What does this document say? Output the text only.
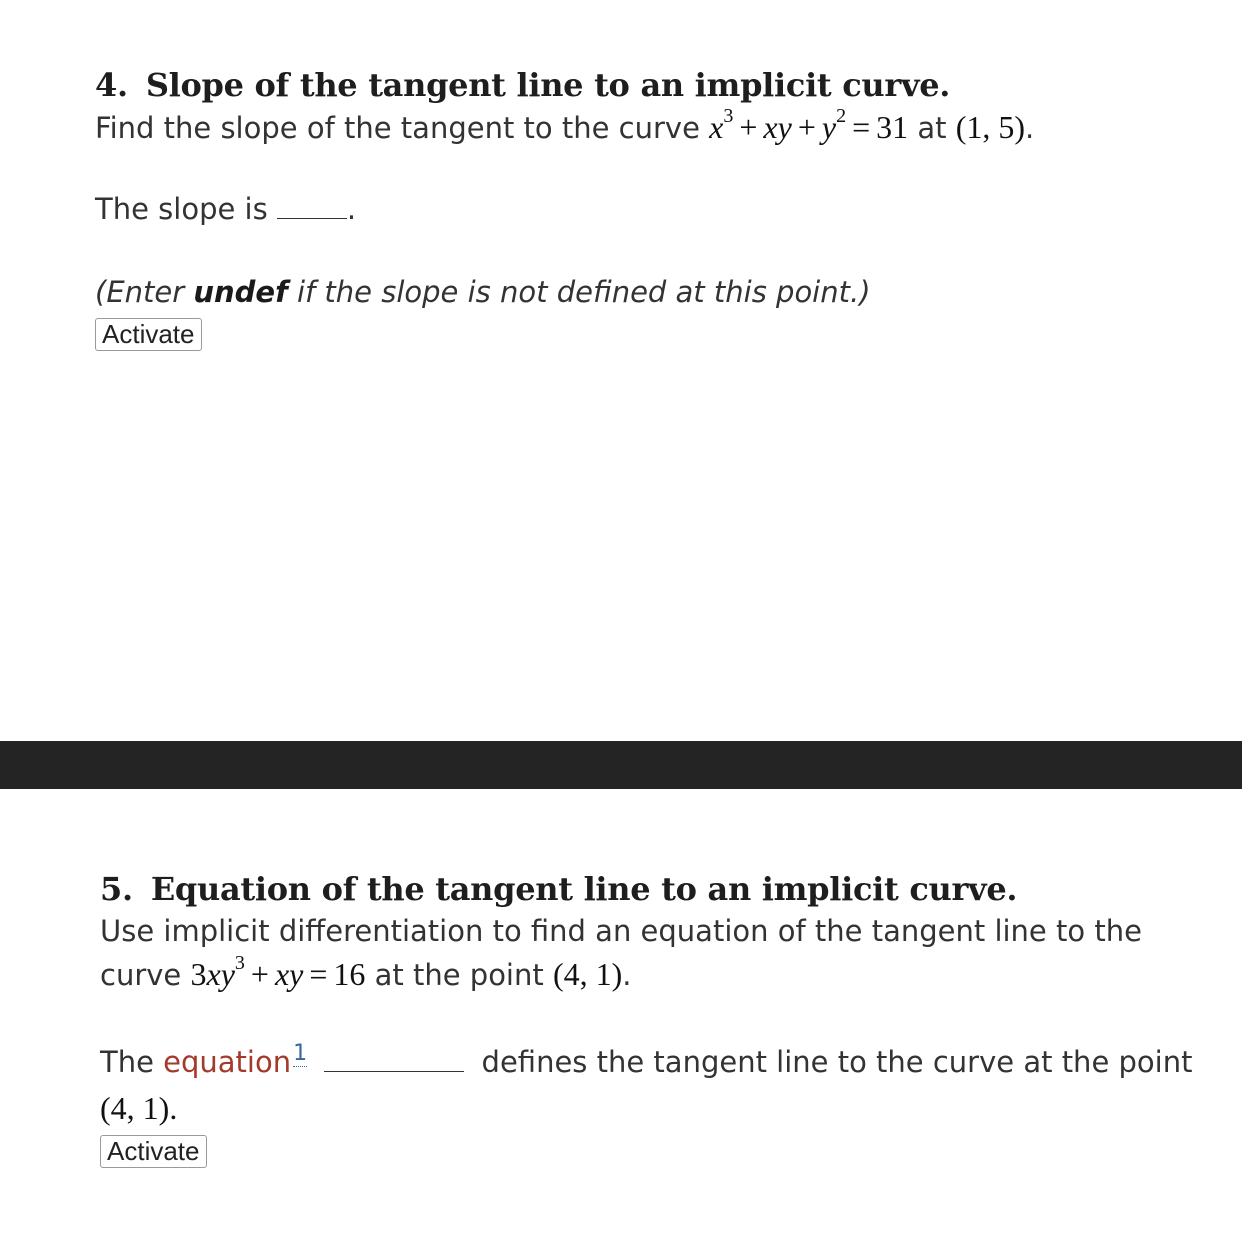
4. Slope of the tangent line to an implicit curve.

Find the slope of the tangent to the curve $x^3$ + xy + $y^2 = 31$ at (1, 5).

The slope is	.

(Enter undef if the slope is not defined at this point.)

Activate

5. Equation of the tangent line to an implicit curve.

Use implicit differentiation to find an equation of the tangent line to the

curve $3xy^3$ + xy = 16 at the point (4, 1).

The equation$^1$	defines the tangent line to the curve at the point

(4, 1).

Activate
